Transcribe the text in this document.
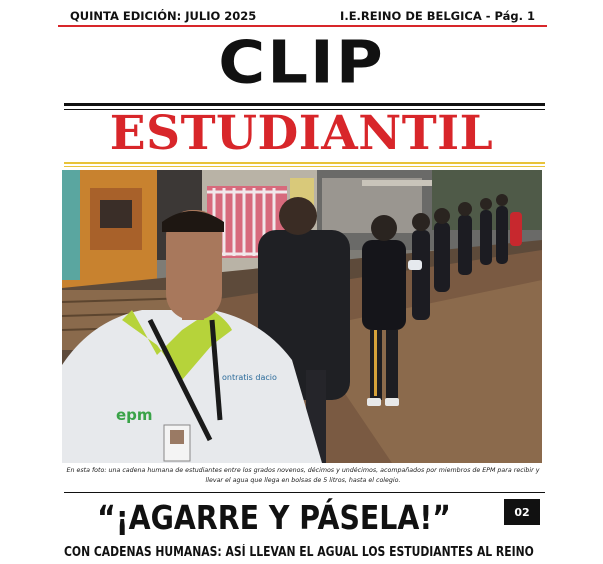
QUINTA EDICIÓN: JULIO 2025	I.E.REINO DE BELGICA - Pág. 1
CLIP
ESTUDIANTIL
epm
ontratis dacio
En esta foto: una cadena humana de estudiantes entre los grados novenos, décimos y undécimos, acompañados por miembros de EPM para recibir y llevar el agua que llega en bolsas de 5 litros, hasta el colegio.
“¡AGARRE Y PÁSELA!”	02
CON CADENAS HUMANAS: ASÍ LLEVAN EL AGUAL LOS ESTUDIANTES AL REINO
